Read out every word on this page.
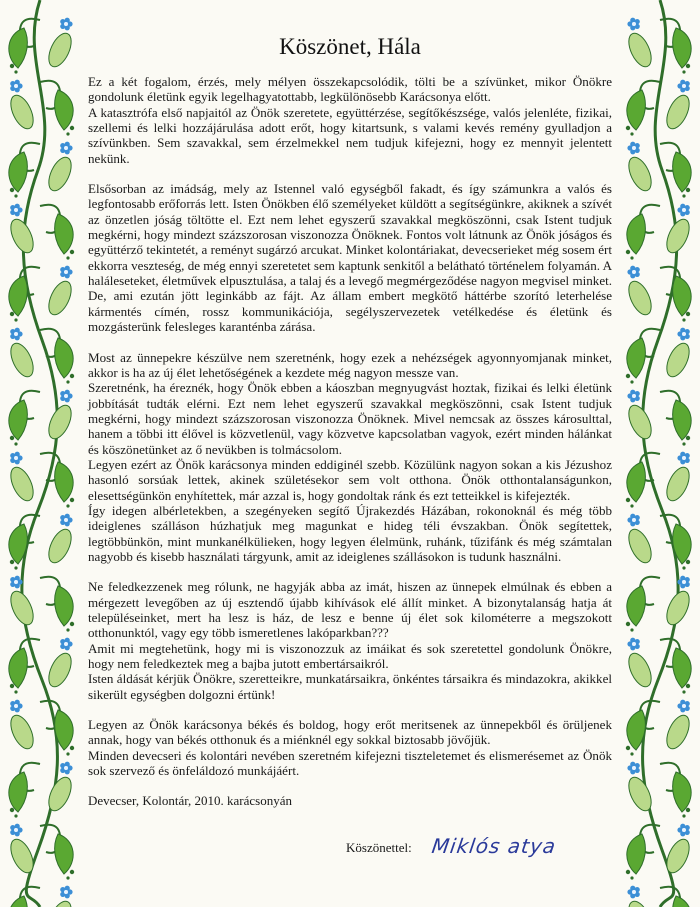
Köszönet, Hála

Ez a két fogalom, érzés, mely mélyen összekapcsolódik, tölti be a szívünket, mikor Önökre gondolunk életünk egyik legelhagyatottabb, legkülönösebb Karácsonya előtt.

A katasztrófa első napjaitól az Önök szeretete, együttérzése, segítőkészsége, valós jelenléte, fizikai, szellemi és lelki hozzájárulása adott erőt, hogy kitartsunk, s valami kevés remény gyulladjon a szívünkben. Sem szavakkal, sem érzelmekkel nem tudjuk kifejezni, hogy ez mennyit jelentett nekünk.

Elsősorban az imádság, mely az Istennel való egységből fakadt, és így számunkra a valós és legfontosabb erőforrás lett. Isten Önökben élő személyeket küldött a segítségünkre, akiknek a szívét az önzetlen jóság töltötte el. Ezt nem lehet egyszerű szavakkal megköszönni, csak Istent tudjuk megkérni, hogy mindezt százszorosan viszonozza Önöknek. Fontos volt látnunk az Önök jóságos és együttérző tekintetét, a reményt sugárzó arcukat. Minket kolontáriakat, devecserieket még sosem ért ekkorra veszteség, de még ennyi szeretetet sem kaptunk senkitől a belátható történelem folyamán. A haláleseteket, életművek elpusztulása, a talaj és a levegő megmérgeződése nagyon megvisel minket. De, ami ezután jött leginkább az fájt. Az állam embert megkötő háttérbe szorító leterhelése kármentés címén, rossz kommunikációja, segélyszervezetek vetélkedése és életünk és mozgásterünk felesleges karanténba zárása.

Most az ünnepekre készülve nem szeretnénk, hogy ezek a nehézségek agyonnyomjanak minket, akkor is ha az új élet lehetőségének a kezdete még nagyon messze van.

Szeretnénk, ha éreznék, hogy Önök ebben a káoszban megnyugvást hoztak, fizikai és lelki életünk jobbítását tudták elérni. Ezt nem lehet egyszerű szavakkal megköszönni, csak Istent tudjuk megkérni, hogy mindezt százszorosan viszonozza Önöknek. Mivel nemcsak az összes károsulttal, hanem a többi itt élővel is közvetlenül, vagy közvetve kapcsolatban vagyok, ezért minden hálánkat és köszönetünket az ő nevükben is tolmácsolom.

Legyen ezért az Önök karácsonya minden eddiginél szebb. Közülünk nagyon sokan a kis Jézushoz hasonló sorsúak lettek, akinek születésekor sem volt otthona. Önök otthontalanságunkon, elesettségünkön enyhítettek, már azzal is, hogy gondoltak ránk és ezt tetteikkel is kifejezték.

Így idegen albérletekben, a szegényeken segítő Újrakezdés Házában, rokonoknál és még több ideiglenes szálláson húzhatjuk meg magunkat e hideg téli évszakban. Önök segítettek, legtöbbünkön, mint munkanélkülieken, hogy legyen élelmünk, ruhánk, tűzifánk és még számtalan nagyobb és kisebb használati tárgyunk, amit az ideiglenes szállásokon is tudunk használni.

Ne feledkezzenek meg rólunk, ne hagyják abba az imát, hiszen az ünnepek elmúlnak és ebben a mérgezett levegőben az új esztendő újabb kihívások elé állít minket. A bizonytalanság hatja át településeinket, mert ha lesz is ház, de lesz e benne új élet sok kilométerre a megszokott otthonunktól, vagy egy több ismeretlenes lakóparkban???

Amit mi megtehetünk, hogy mi is viszonozzuk az imáikat és sok szeretettel gondolunk Önökre, hogy nem feledkeztek meg a bajba jutott embertársaikról.

Isten áldását kérjük Önökre, szeretteikre, munkatársaikra, önkéntes társaikra és mindazokra, akikkel sikerült egységben dolgozni értünk!

Legyen az Önök karácsonya békés és boldog, hogy erőt meritsenek az ünnepekből és örüljenek annak, hogy van békés otthonuk és a miénknél egy sokkal biztosabb jövőjük.

Minden devecseri és kolontári nevében szeretném kifejezni tiszteletemet és elismerésemet az Önök sok szervező és önfeláldozó munkájáért.

Devecser, Kolontár, 2010. karácsonyán

Köszönettel: Miklós atya
